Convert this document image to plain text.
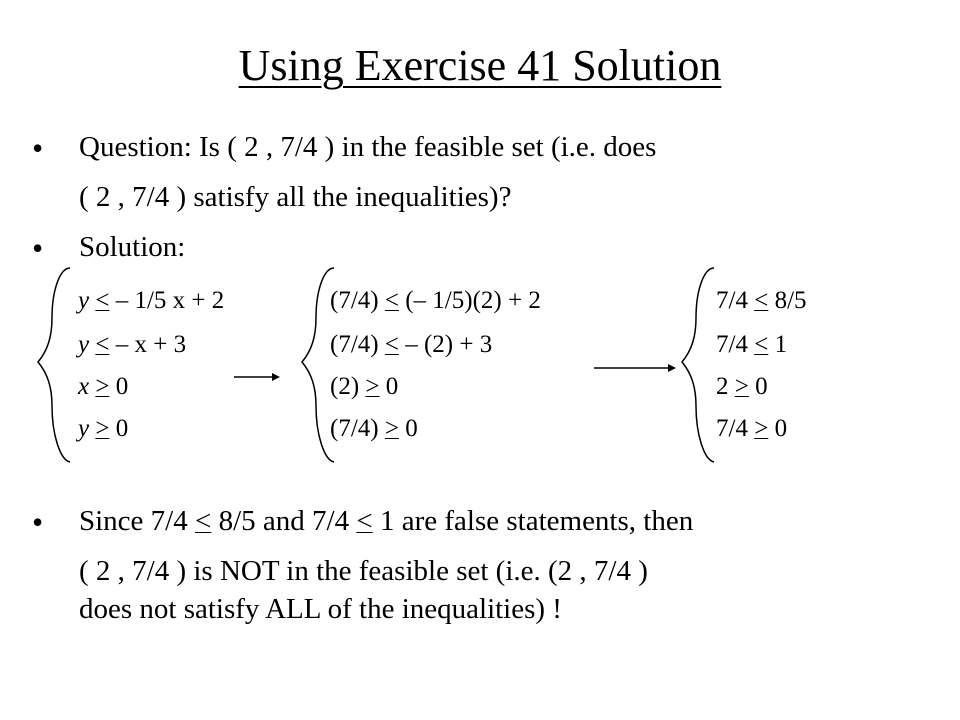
Using Exercise 41 Solution
• Question: Is ( 2 , 7/4 ) in the feasible set (i.e. does
( 2 , 7/4 ) satisfy all the inequalities)?
• Solution:
y < – 1/5 x + 2
y < – x + 3
x > 0
y > 0
(7/4) < (– 1/5)(2) + 2
(7/4) < – (2) + 3
(2) > 0
(7/4) > 0
7/4 < 8/5
7/4 < 1
2 > 0
7/4 > 0
• Since 7/4 < 8/5 and 7/4 < 1 are false statements, then
( 2 , 7/4 ) is NOT in the feasible set (i.e. (2 , 7/4 )
does not satisfy ALL of the inequalities) !
